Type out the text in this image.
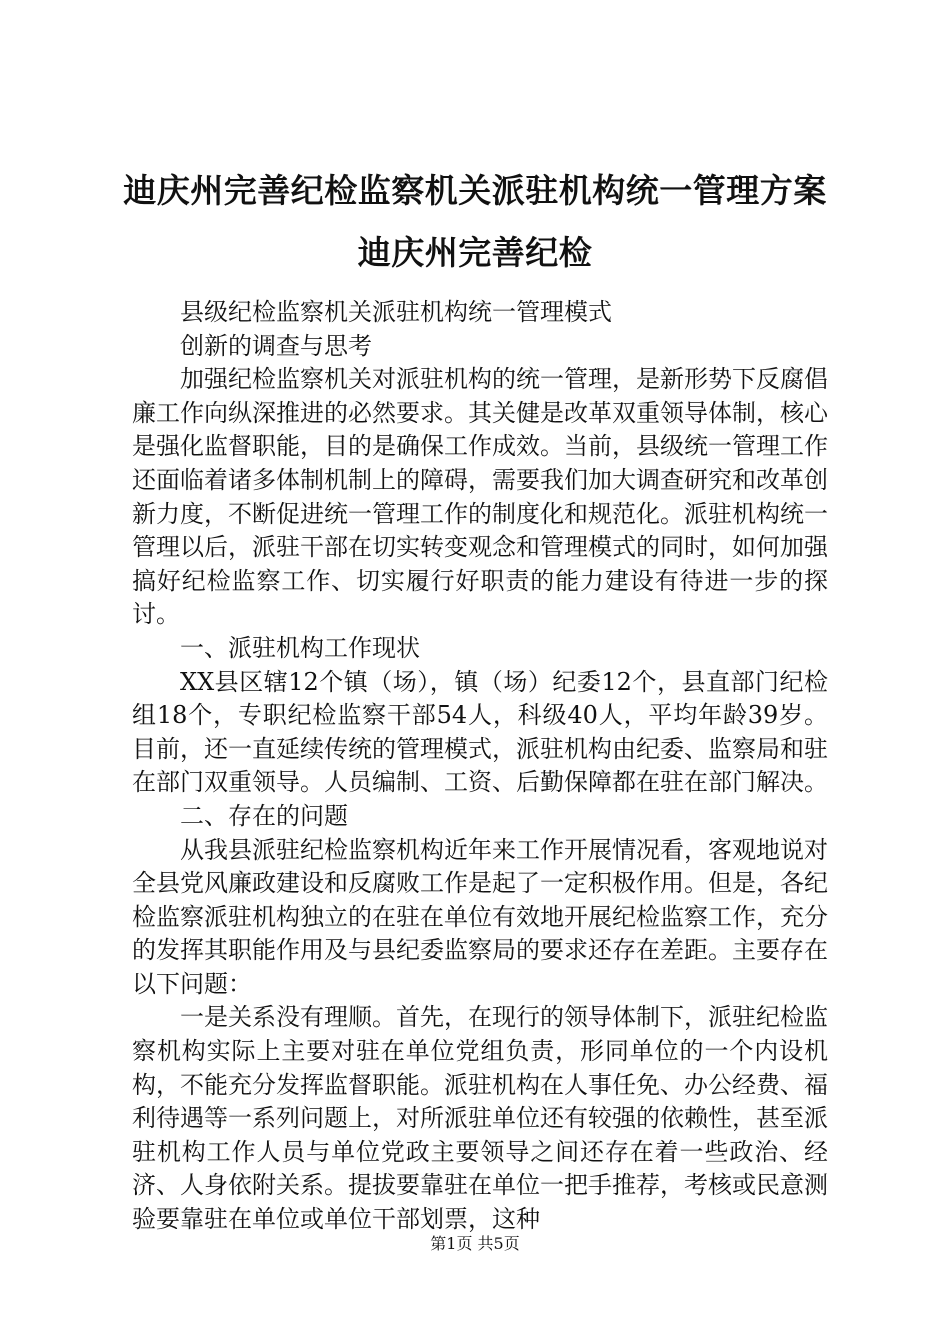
迪庆州完善纪检监察机关派驻机构统一管理方案迪庆州完善纪检

县级纪检监察机关派驻机构统一管理模式

创新的调查与思考

加强纪检监察机关对派驻机构的统一管理，是新形势下反腐倡廉工作向纵深推进的必然要求。其关健是改革双重领导体制，核心是强化监督职能，目的是确保工作成效。当前，县级统一管理工作还面临着诸多体制机制上的障碍，需要我们加大调查研究和改革创新力度，不断促进统一管理工作的制度化和规范化。派驻机构统一管理以后，派驻干部在切实转变观念和管理模式的同时，如何加强搞好纪检监察工作、切实履行好职责的能力建设有待进一步的探讨。

一、派驻机构工作现状

XX县区辖12个镇（场），镇（场）纪委12个，县直部门纪检组18个，专职纪检监察干部54人，科级40人，平均年龄39岁。目前，还一直延续传统的管理模式，派驻机构由纪委、监察局和驻在部门双重领导。人员编制、工资、后勤保障都在驻在部门解决。

二、存在的问题

从我县派驻纪检监察机构近年来工作开展情况看，客观地说对全县党风廉政建设和反腐败工作是起了一定积极作用。但是，各纪检监察派驻机构独立的在驻在单位有效地开展纪检监察工作，充分的发挥其职能作用及与县纪委监察局的要求还存在差距。主要存在以下问题：

一是关系没有理顺。首先，在现行的领导体制下，派驻纪检监察机构实际上主要对驻在单位党组负责，形同单位的一个内设机构，不能充分发挥监督职能。派驻机构在人事任免、办公经费、福利待遇等一系列问题上，对所派驻单位还有较强的依赖性，甚至派驻机构工作人员与单位党政主要领导之间还存在着一些政治、经济、人身依附关系。提拔要靠驻在单位一把手推荐，考核或民意测验要靠驻在单位或单位干部划票，这种

第1页 共5页
